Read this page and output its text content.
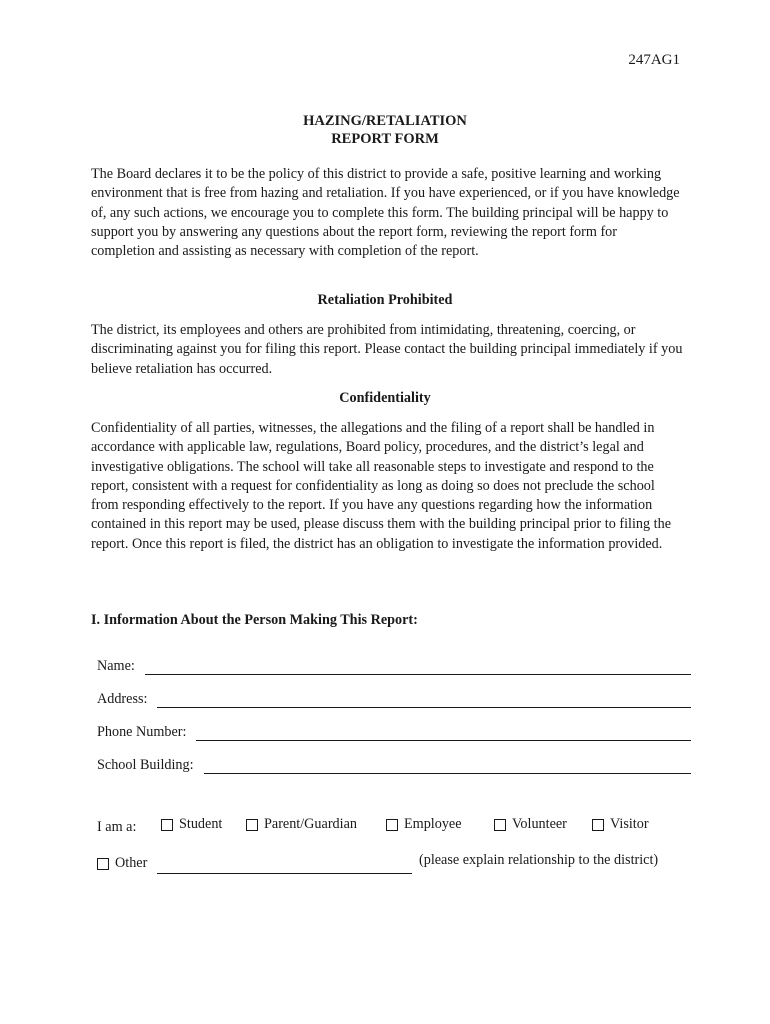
247AG1
HAZING/RETALIATION
REPORT FORM

The Board declares it to be the policy of this district to provide a safe, positive learning and working environment that is free from hazing and retaliation. If you have experienced, or if you have knowledge of, any such actions, we encourage you to complete this form. The building principal will be happy to support you by answering any questions about the report form, reviewing the report form for completion and assisting as necessary with completion of the report.

Retaliation Prohibited

The district, its employees and others are prohibited from intimidating, threatening, coercing, or discriminating against you for filing this report. Please contact the building principal immediately if you believe retaliation has occurred.

Confidentiality

Confidentiality of all parties, witnesses, the allegations and the filing of a report shall be handled in accordance with applicable law, regulations, Board policy, procedures, and the district’s legal and investigative obligations. The school will take all reasonable steps to investigate and respond to the report, consistent with a request for confidentiality as long as doing so does not preclude the school from responding effectively to the report. If you have any questions regarding how the information contained in this report may be used, please discuss them with the building principal prior to filing the report. Once this report is filed, the district has an obligation to investigate the information provided.

I. Information About the Person Making This Report:
Name:
Address:
Phone Number:
School Building:
I am a:	Student	Parent/Guardian	Employee	Volunteer	Visitor
Other	(please explain relationship to the district)
